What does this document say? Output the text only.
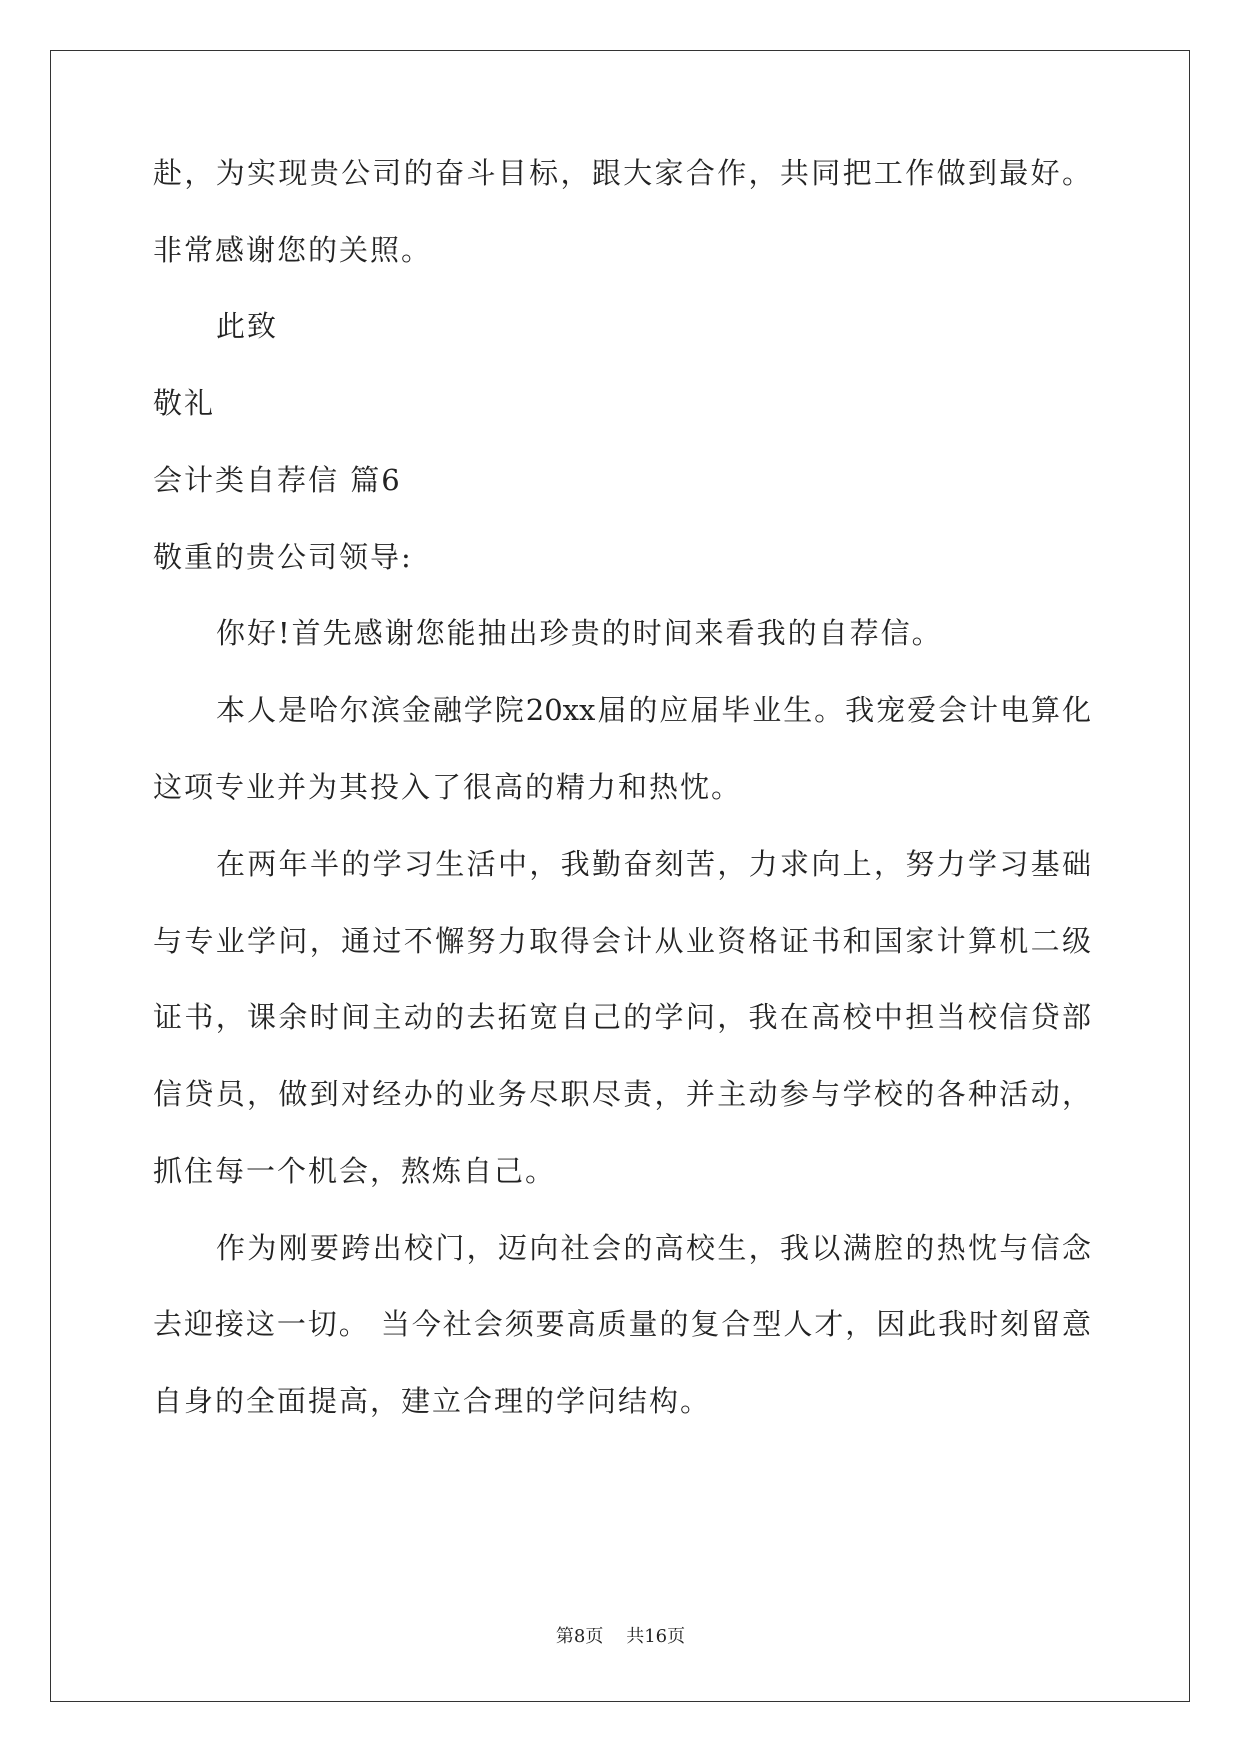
赴，为实现贵公司的奋斗目标，跟大家合作，共同把工作做到最好。
非常感谢您的关照。
此致
敬礼
会计类自荐信 篇6
敬重的贵公司领导:
你好!首先感谢您能抽出珍贵的时间来看我的自荐信。
本人是哈尔滨金融学院20xx届的应届毕业生。我宠爱会计电算化
这项专业并为其投入了很高的精力和热忱。
在两年半的学习生活中，我勤奋刻苦，力求向上，努力学习基础
与专业学问，通过不懈努力取得会计从业资格证书和国家计算机二级
证书，课余时间主动的去拓宽自己的学问，我在高校中担当校信贷部
信贷员，做到对经办的业务尽职尽责，并主动参与学校的各种活动，
抓住每一个机会，熬炼自己。
作为刚要跨出校门，迈向社会的高校生，我以满腔的热忱与信念
去迎接这一切。 当今社会须要高质量的复合型人才，因此我时刻留意
自身的全面提高，建立合理的学问结构。
第8页 共16页
